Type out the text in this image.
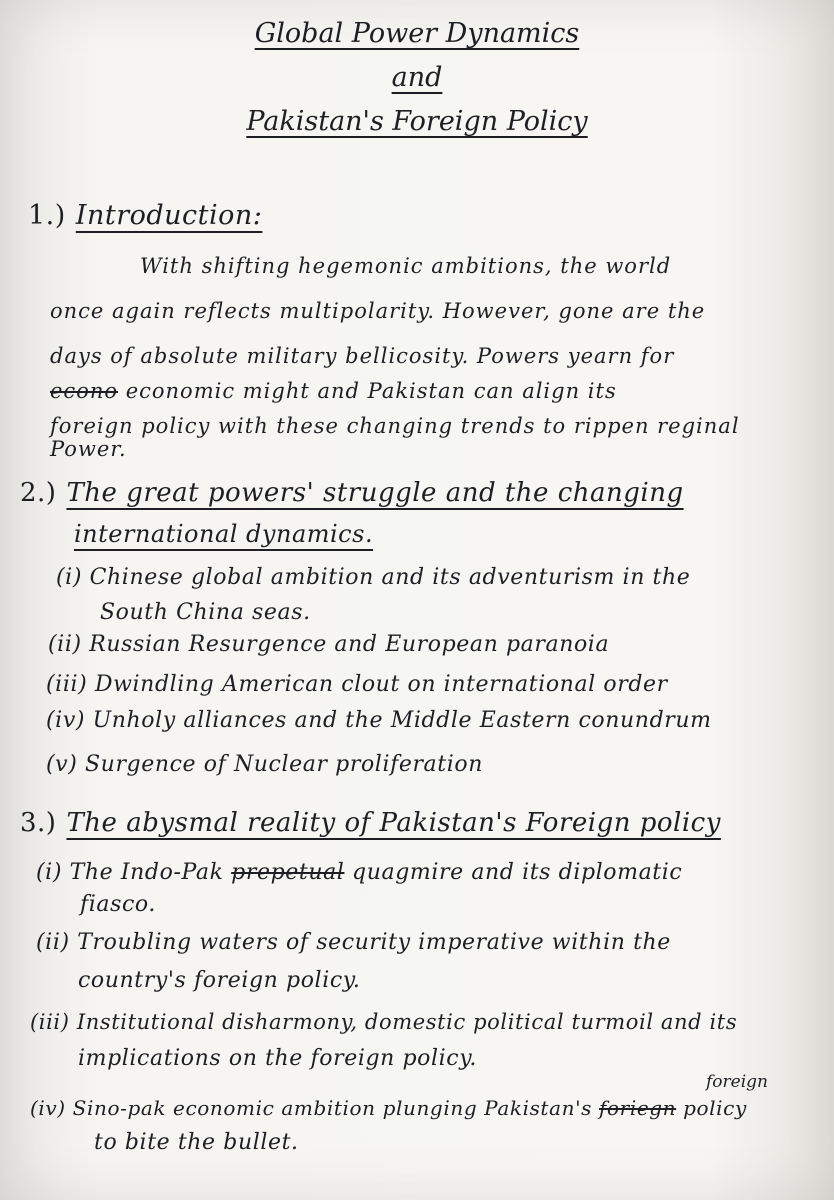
Global Power Dynamics
and
Pakistan's Foreign Policy
1.) Introduction:
With shifting hegemonic ambitions, the world
once again reflects multipolarity. However, gone are the
days of absolute military bellicosity. Powers yearn for
econo economic might and Pakistan can align its
foreign policy with these changing trends to rippen reginal
Power.
2.) The great powers' struggle and the changing
international dynamics.
(i) Chinese global ambition and its adventurism in the
South China seas.
(ii) Russian Resurgence and European paranoia
(iii) Dwindling American clout on international order
(iv) Unholy alliances and the Middle Eastern conundrum
(v) Surgence of Nuclear proliferation
3.) The abysmal reality of Pakistan's Foreign policy
(i) The Indo-Pak prepetual quagmire and its diplomatic
fiasco.
(ii) Troubling waters of security imperative within the
country's foreign policy.
(iii) Institutional disharmony, domestic political turmoil and its
implications on the foreign policy.
foreign
(iv) Sino-pak economic ambition plunging Pakistan's foriegn policy
to bite the bullet.
